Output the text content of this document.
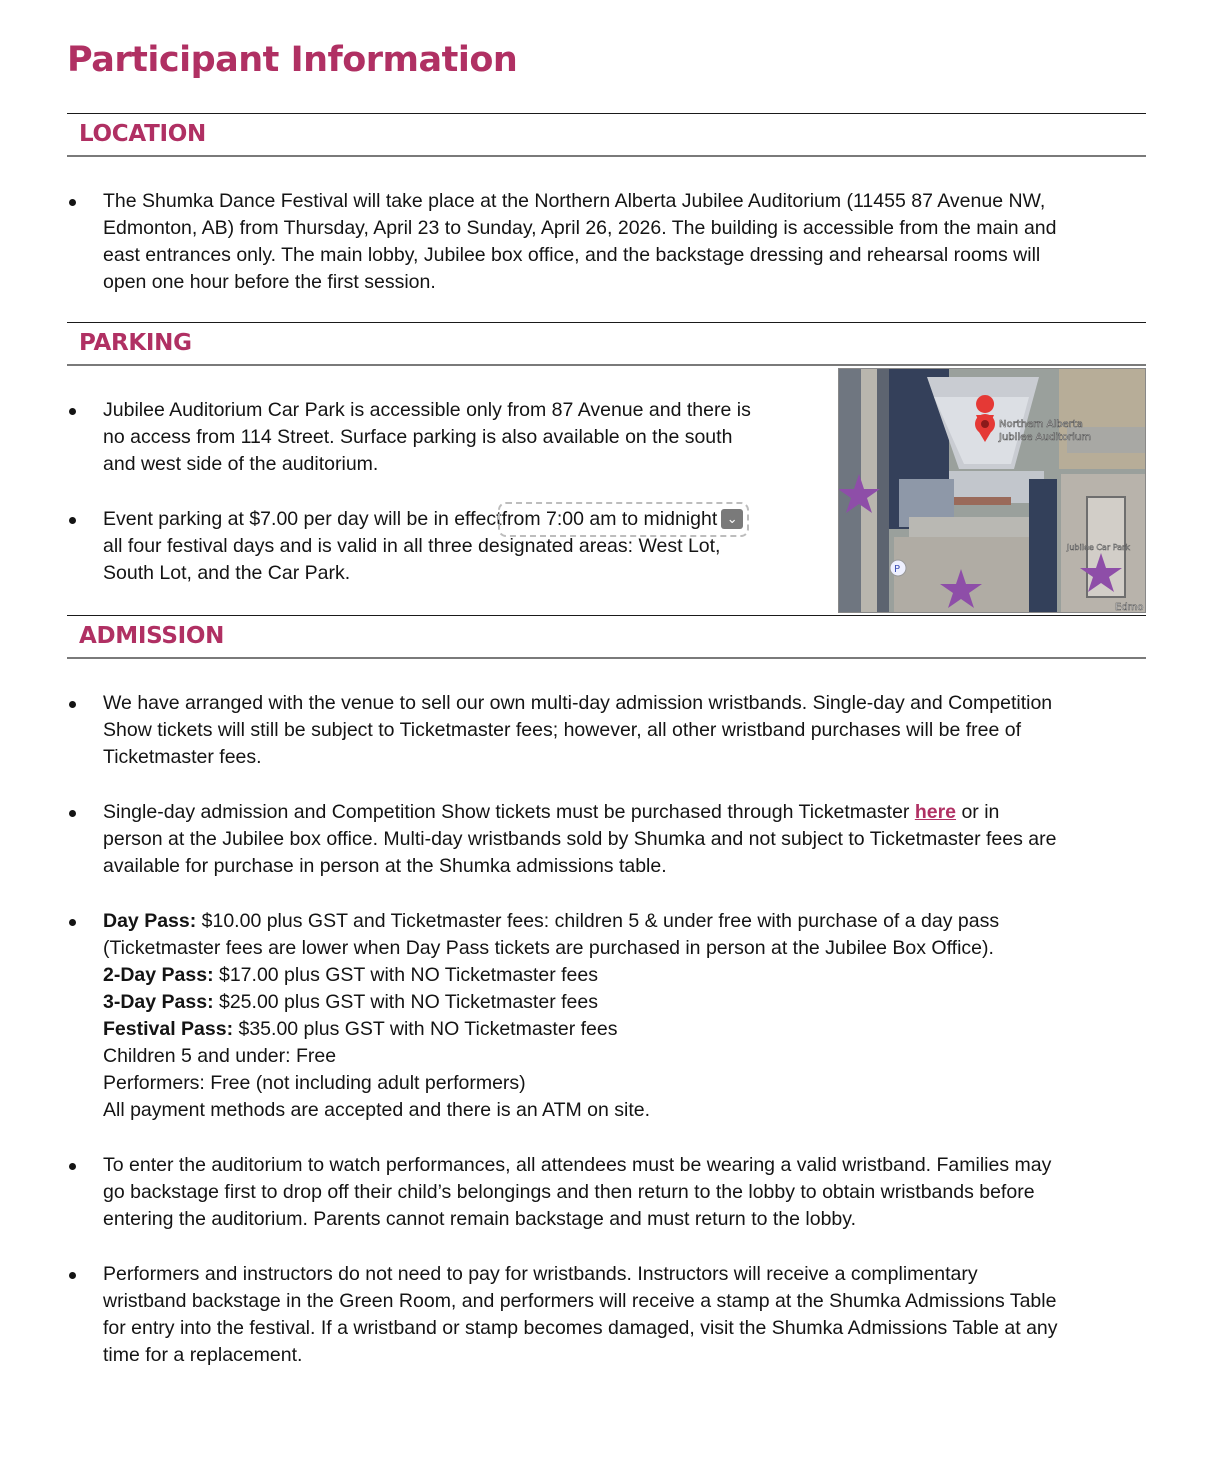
Participant Information
LOCATION
The Shumka Dance Festival will take place at the Northern Alberta Jubilee Auditorium (11455 87 Avenue NW,
Edmonton, AB) from Thursday, April 23 to Sunday, April 26, 2026. The building is accessible from the main and
east entrances only. The main lobby, Jubilee box office, and the backstage dressing and rehearsal rooms will
open one hour before the first session.
PARKING
Jubilee Auditorium Car Park is accessible only from 87 Avenue and there is
no access from 114 Street. Surface parking is also available on the south
and west side of the auditorium.
Event parking at $7.00 per day will be in effectfrom 7:00 am to midnight ⌄
all four festival days and is valid in all three designated areas: West Lot,
South Lot, and the Car Park.
Northern Alberta
Jubilee Auditorium
Jubilee Car Park
Edmo
P
ADMISSION
We have arranged with the venue to sell our own multi-day admission wristbands. Single-day and Competition
Show tickets will still be subject to Ticketmaster fees; however, all other wristband purchases will be free of
Ticketmaster fees.
Single-day admission and Competition Show tickets must be purchased through Ticketmaster here or in
person at the Jubilee box office. Multi-day wristbands sold by Shumka and not subject to Ticketmaster fees are
available for purchase in person at the Shumka admissions table.
Day Pass: $10.00 plus GST and Ticketmaster fees: children 5 & under free with purchase of a day pass
(Ticketmaster fees are lower when Day Pass tickets are purchased in person at the Jubilee Box Office).
2-Day Pass: $17.00 plus GST with NO Ticketmaster fees
3-Day Pass: $25.00 plus GST with NO Ticketmaster fees
Festival Pass: $35.00 plus GST with NO Ticketmaster fees
Children 5 and under: Free
Performers: Free (not including adult performers)
All payment methods are accepted and there is an ATM on site.
To enter the auditorium to watch performances, all attendees must be wearing a valid wristband. Families may
go backstage first to drop off their child’s belongings and then return to the lobby to obtain wristbands before
entering the auditorium. Parents cannot remain backstage and must return to the lobby.
Performers and instructors do not need to pay for wristbands. Instructors will receive a complimentary
wristband backstage in the Green Room, and performers will receive a stamp at the Shumka Admissions Table
for entry into the festival. If a wristband or stamp becomes damaged, visit the Shumka Admissions Table at any
time for a replacement.
